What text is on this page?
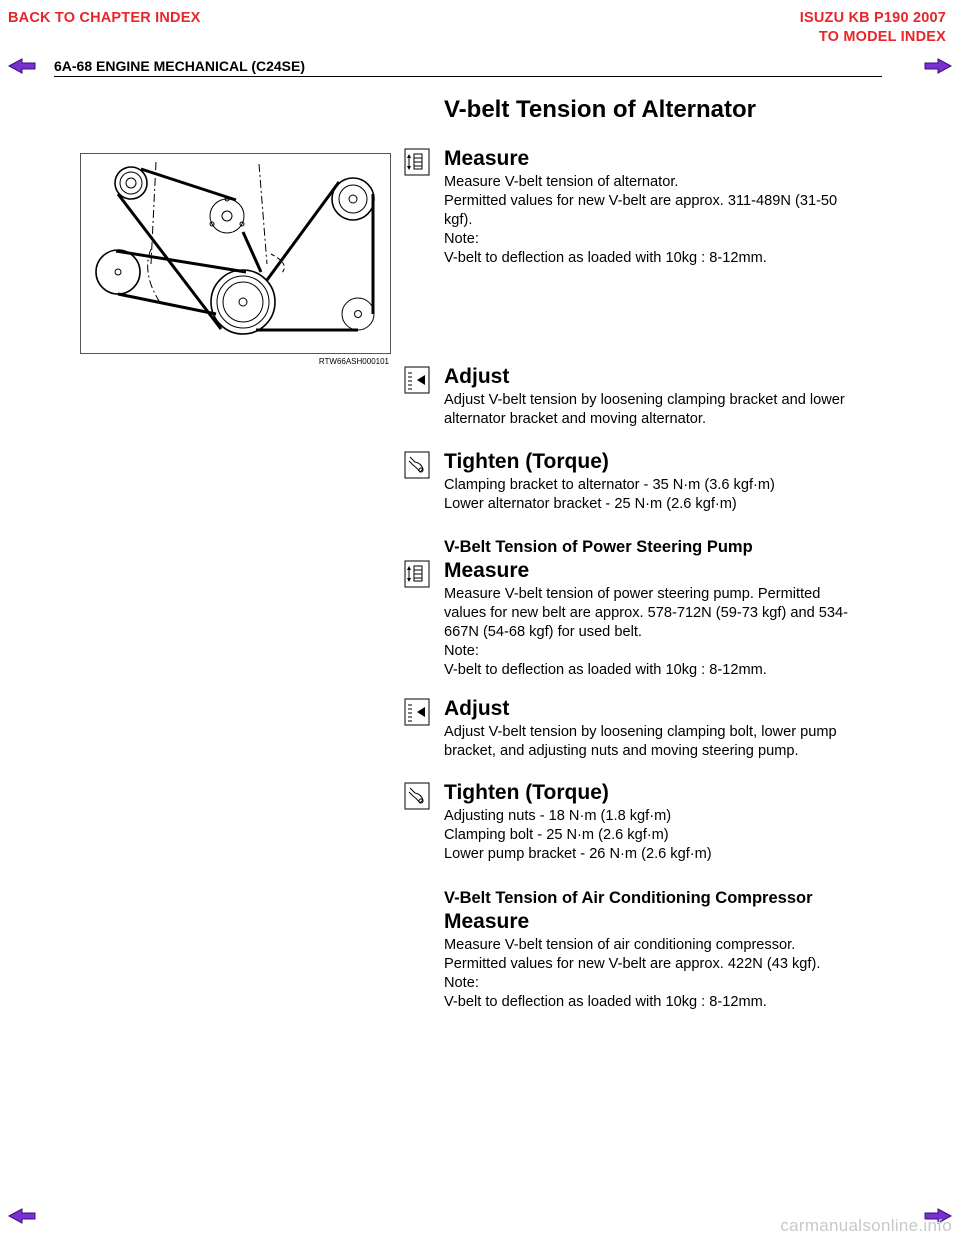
BACK TO CHAPTER INDEX	ISUZU KB P190 2007
TO MODEL INDEX
6A-68 ENGINE MECHANICAL (C24SE)
V-belt Tension of Alternator
RTW66ASH000101
Measure

Measure V-belt tension of alternator.
Permitted values for new V-belt are approx. 311-489N (31-50
kgf).
Note:
V-belt to deflection as loaded with 10kg : 8-12mm.

Adjust

Adjust V-belt tension by loosening clamping bracket and lower
alternator bracket and moving alternator.

Tighten (Torque)

Clamping bracket to alternator - 35 N·m (3.6 kgf·m)
Lower alternator bracket - 25 N·m (2.6 kgf·m)

V-Belt Tension of Power Steering Pump
Measure

Measure V-belt tension of power steering pump. Permitted
values for new belt are approx. 578-712N (59-73 kgf) and 534-
667N (54-68 kgf) for used belt.
Note:
V-belt to deflection as loaded with 10kg : 8-12mm.

Adjust

Adjust V-belt tension by loosening clamping bolt, lower pump
bracket, and adjusting nuts and moving steering pump.

Tighten (Torque)

Adjusting nuts - 18 N·m (1.8 kgf·m)
Clamping bolt - 25 N·m (2.6 kgf·m)
Lower pump bracket - 26 N·m (2.6 kgf·m)

V-Belt Tension of Air Conditioning Compressor
Measure

Measure V-belt tension of air conditioning compressor.
Permitted values for new V-belt are approx. 422N (43 kgf).
Note:
V-belt to deflection as loaded with 10kg : 8-12mm.

carmanualsonline.info
